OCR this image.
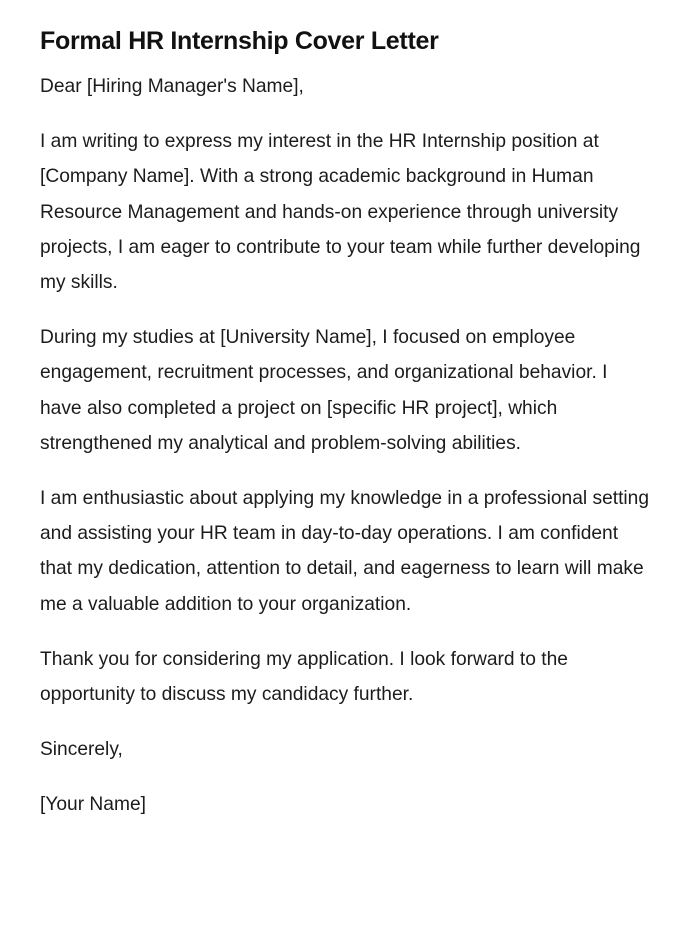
Formal HR Internship Cover Letter

Dear [Hiring Manager's Name],

I am writing to express my interest in the HR Internship position at [Company Name]. With a strong academic background in Human Resource Management and hands-on experience through university projects, I am eager to contribute to your team while further developing my skills.

During my studies at [University Name], I focused on employee engagement, recruitment processes, and organizational behavior. I have also completed a project on [specific HR project], which strengthened my analytical and problem-solving abilities.

I am enthusiastic about applying my knowledge in a professional setting and assisting your HR team in day-to-day operations. I am confident that my dedication, attention to detail, and eagerness to learn will make me a valuable addition to your organization.

Thank you for considering my application. I look forward to the opportunity to discuss my candidacy further.

Sincerely,

[Your Name]
